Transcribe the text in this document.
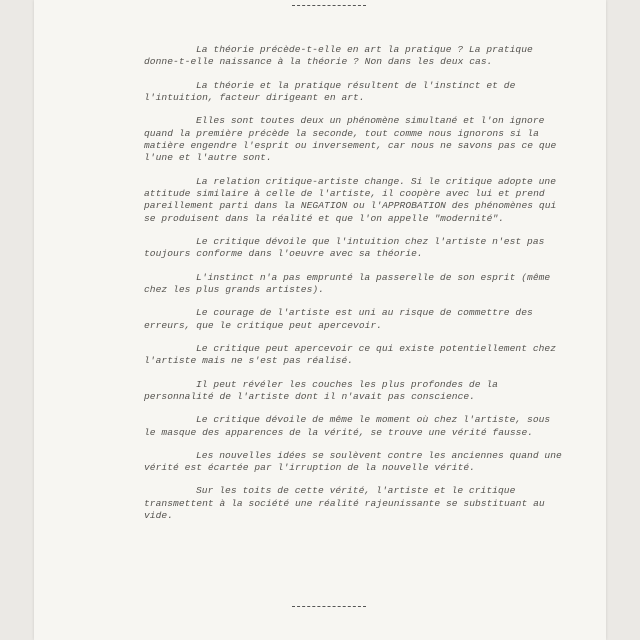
La théorie précède-t-elle en art la pratique ? La pratique donne-t-elle naissance à la théorie ? Non dans les deux cas.

La théorie et la pratique résultent de l'instinct et de l'intuition, facteur dirigeant en art.

Elles sont toutes deux un phénomène simultané et l'on ignore quand la première précède la seconde, tout comme nous ignorons si la matière engendre l'esprit ou inversement, car nous ne savons pas ce que l'une et l'autre sont.

La relation critique-artiste change. Si le critique adopte une attitude similaire à celle de l'artiste, il coopère avec lui et prend pareillement parti dans la NEGATION ou l'APPROBATION des phénomènes qui se produisent dans la réalité et que l'on appelle "modernité".

Le critique dévoile que l'intuition chez l'artiste n'est pas toujours conforme dans l'oeuvre avec sa théorie.

L'instinct n'a pas emprunté la passerelle de son esprit (même chez les plus grands artistes).

Le courage de l'artiste est uni au risque de commettre des erreurs, que le critique peut apercevoir.

Le critique peut apercevoir ce qui existe potentiellement chez l'artiste mais ne s'est pas réalisé.

Il peut révéler les couches les plus profondes de la personnalité de l'artiste dont il n'avait pas conscience.

Le critique dévoile de même le moment où chez l'artiste, sous le masque des apparences de la vérité, se trouve une vérité fausse.

Les nouvelles idées se soulèvent contre les anciennes quand une vérité est écartée par l'irruption de la nouvelle vérité.

Sur les toits de cette vérité, l'artiste et le critique transmettent à la société une réalité rajeunissante se substituant au vide.
